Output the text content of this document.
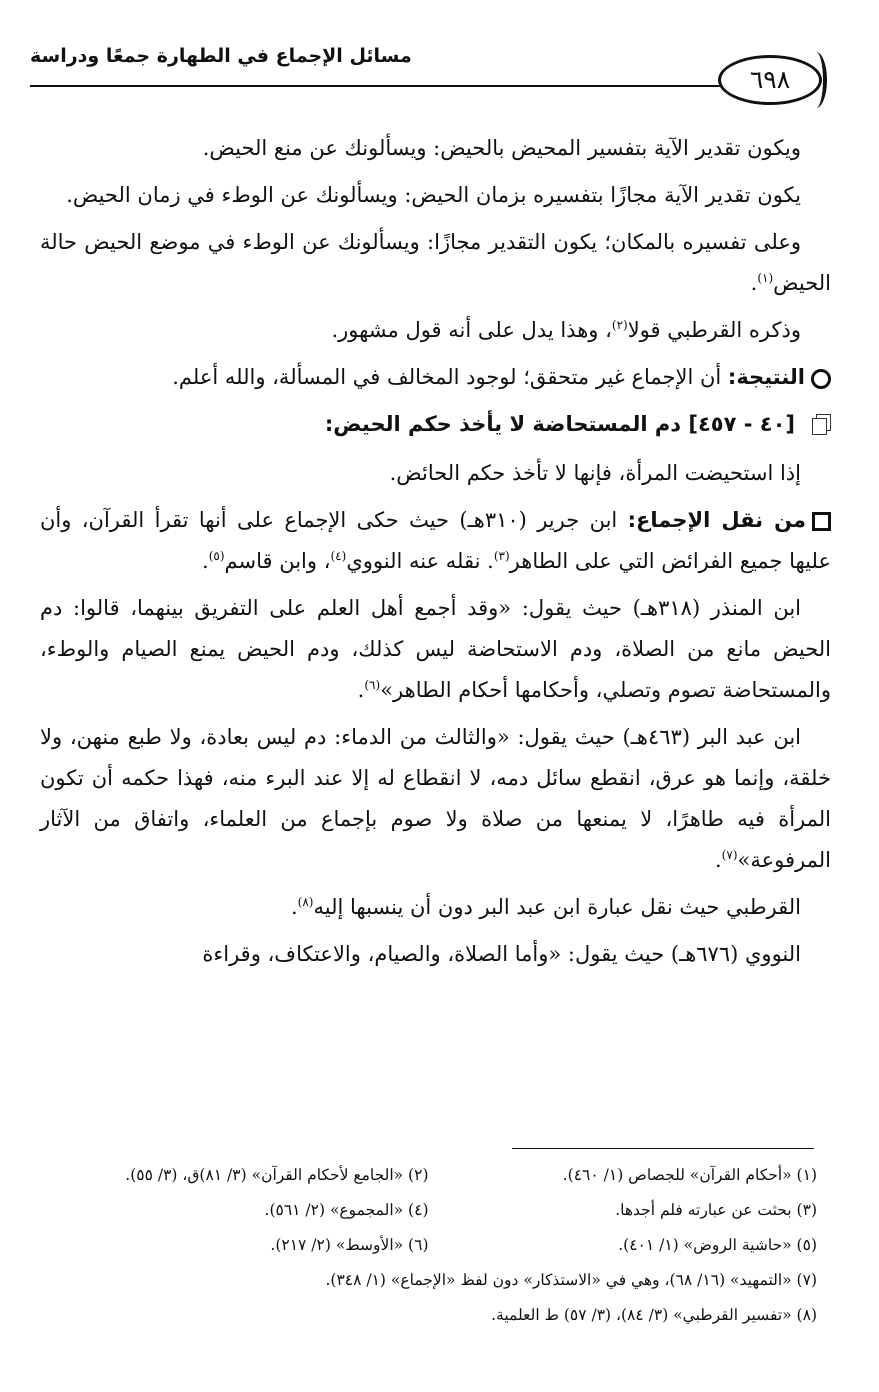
مسائل الإجماع في الطهارة جمعًا ودراسة
٦٩٨

ويكون تقدير الآية بتفسير المحيض بالحيض: ويسألونك عن منع الحيض.

يكون تقدير الآية مجازًا بتفسيره بزمان الحيض: ويسألونك عن الوطء في زمان الحيض.

وعلى تفسيره بالمكان؛ يكون التقدير مجازًا: ويسألونك عن الوطء في موضع الحيض حالة الحيض$^{(١)}$.

وذكره القرطبي قولا$^{(٢)}$، وهذا يدل على أنه قول مشهور.

النتيجة: أن الإجماع غير متحقق؛ لوجود المخالف في المسألة، والله أعلم.

[٤٠ - ٤٥٧] دم المستحاضة لا يأخذ حكم الحيض:

إذا استحيضت المرأة، فإنها لا تأخذ حكم الحائض.

من نقل الإجماع: ابن جرير (٣١٠هـ) حيث حكى الإجماع على أنها تقرأ القرآن، وأن عليها جميع الفرائض التي على الطاهر$^{(٣)}$. نقله عنه النووي$^{(٤)}$، وابن قاسم$^{(٥)}$.

ابن المنذر (٣١٨هـ) حيث يقول: «وقد أجمع أهل العلم على التفريق بينهما، قالوا: دم الحيض مانع من الصلاة، ودم الاستحاضة ليس كذلك، ودم الحيض يمنع الصيام والوطء، والمستحاضة تصوم وتصلي، وأحكامها أحكام الطاهر»$^{(٦)}$.

ابن عبد البر (٤٦٣هـ) حيث يقول: «والثالث من الدماء: دم ليس بعادة، ولا طبع منهن، ولا خلقة، وإنما هو عرق، انقطع سائل دمه، لا انقطاع له إلا عند البرء منه، فهذا حكمه أن تكون المرأة فيه طاهرًا، لا يمنعها من صلاة ولا صوم بإجماع من العلماء، واتفاق من الآثار المرفوعة»$^{(٧)}$.

القرطبي حيث نقل عبارة ابن عبد البر دون أن ينسبها إليه$^{(٨)}$.

النووي (٦٧٦هـ) حيث يقول: «وأما الصلاة، والصيام، والاعتكاف، وقراءة

(١) «أحكام القرآن» للجصاص (١/ ٤٦٠).
(٢) «الجامع لأحكام القرآن» (٣/ ٨١)ق، (٣/ ٥٥).
(٣) بحثت عن عبارته فلم أجدها.
(٤) «المجموع» (٢/ ٥٦١).
(٥) «حاشية الروض» (١/ ٤٠١).
(٦) «الأوسط» (٢/ ٢١٧).
(٧) «التمهيد» (١٦/ ٦٨)، وهي في «الاستذكار» دون لفظ «الإجماع» (١/ ٣٤٨).
(٨) «تفسير القرطبي» (٣/ ٨٤)، (٣/ ٥٧) ط العلمية.
